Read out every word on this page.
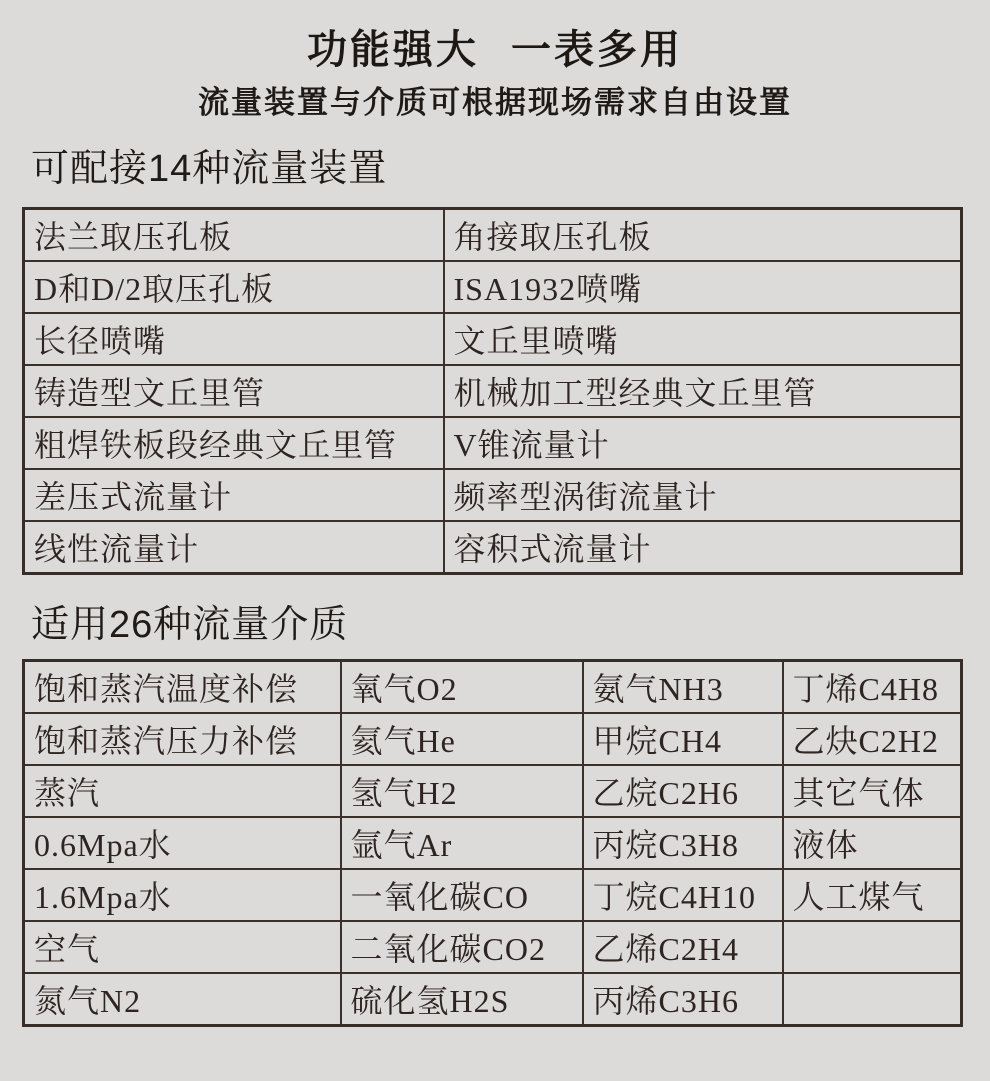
功能强大 一表多用
流量装置与介质可根据现场需求自由设置
可配接14种流量装置
法兰取压孔板	角接取压孔板
D和D/2取压孔板	ISA1932喷嘴
长径喷嘴	文丘里喷嘴
铸造型文丘里管	机械加工型经典文丘里管
粗焊铁板段经典文丘里管	V锥流量计
差压式流量计	频率型涡街流量计
线性流量计	容积式流量计
适用26种流量介质
饱和蒸汽温度补偿	氧气O2	氨气NH3	丁烯C4H8
饱和蒸汽压力补偿	氦气He	甲烷CH4	乙炔C2H2
蒸汽	氢气H2	乙烷C2H6	其它气体
0.6Mpa水	氩气Ar	丙烷C3H8	液体
1.6Mpa水	一氧化碳CO	丁烷C4H10	人工煤气
空气	二氧化碳CO2	乙烯C2H4	
氮气N2	硫化氢H2S	丙烯C3H6	
